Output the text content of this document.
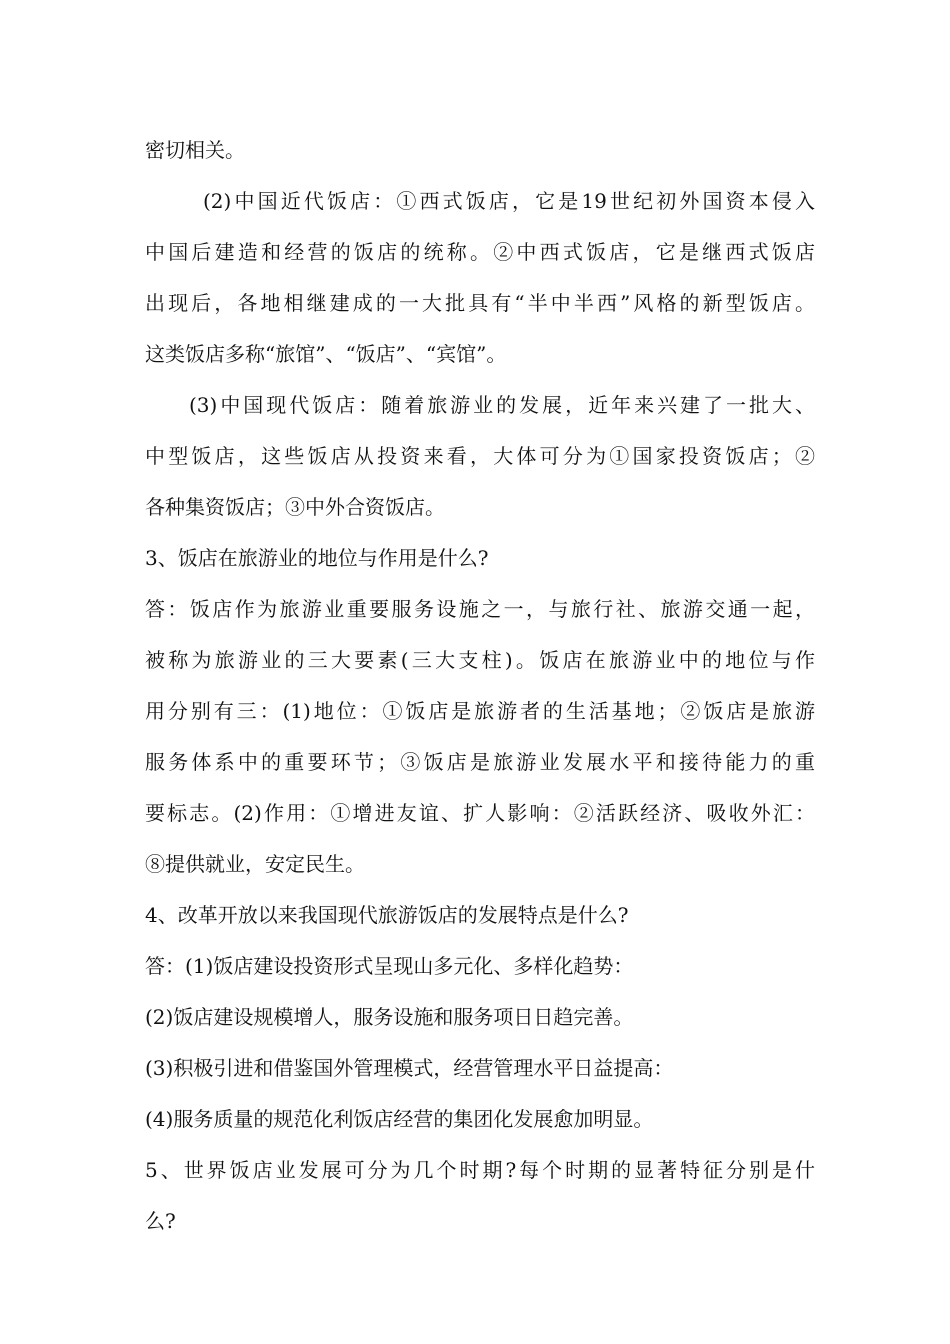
密切相关。
(2)中国近代饭店：①西式饭店，它是19世纪初外国资本侵入
中国后建造和经营的饭店的统称。②中西式饭店，它是继西式饭店
出现后，各地相继建成的一大批具有“半中半西”风格的新型饭店。
这类饭店多称“旅馆”、“饭店”、“宾馆”。
(3)中国现代饭店：随着旅游业的发展，近年来兴建了一批大、
中型饭店，这些饭店从投资来看，大体可分为①国家投资饭店；②
各种集资饭店；③中外合资饭店。
3、饭店在旅游业的地位与作用是什么?
答：饭店作为旅游业重要服务设施之一，与旅行社、旅游交通一起，
被称为旅游业的三大要素(三大支柱)。饭店在旅游业中的地位与作
用分别有三：(1)地位：①饭店是旅游者的生活基地；②饭店是旅游
服务体系中的重要环节；③饭店是旅游业发展水平和接待能力的重
要标志。(2)作用：①增进友谊、扩人影响：②活跃经济、吸收外汇：
⑧提供就业，安定民生。
4、改革开放以来我国现代旅游饭店的发展特点是什么?
答：(1)饭店建设投资形式呈现山多元化、多样化趋势：
(2)饭店建设规模增人，服务设施和服务项日日趋完善。
(3)积极引进和借鉴国外管理模式，经营管理水平日益提高：
(4)服务质量的规范化利饭店经营的集团化发展愈加明显。
5、世界饭店业发展可分为几个时期?每个时期的显著特征分别是什
么?
